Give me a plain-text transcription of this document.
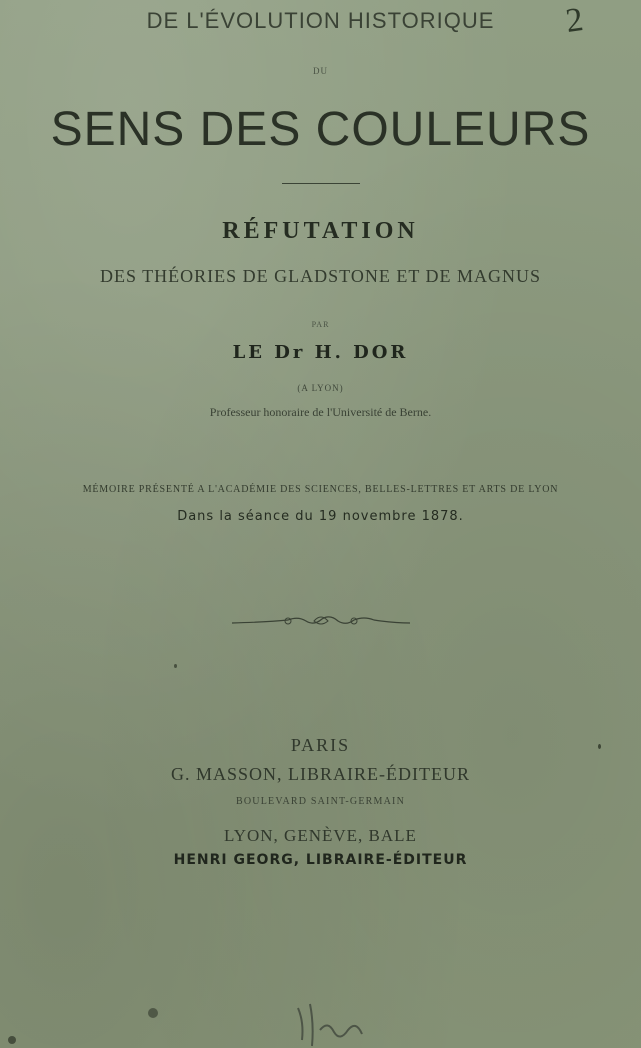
2
DE L'ÉVOLUTION HISTORIQUE
DU
SENS DES COULEURS
RÉFUTATION
DES THÉORIES DE GLADSTONE ET DE MAGNUS
PAR
LE Dr H. DOR
(A LYON)
Professeur honoraire de l'Université de Berne.
MÉMOIRE PRÉSENTÉ A L'ACADÉMIE DES SCIENCES, BELLES-LETTRES ET ARTS DE LYON
Dans la séance du 19 novembre 1878.
PARIS
G. MASSON, LIBRAIRE-ÉDITEUR
BOULEVARD SAINT-GERMAIN
LYON, GENÈVE, BALE
HENRI GEORG, LIBRAIRE-ÉDITEUR
